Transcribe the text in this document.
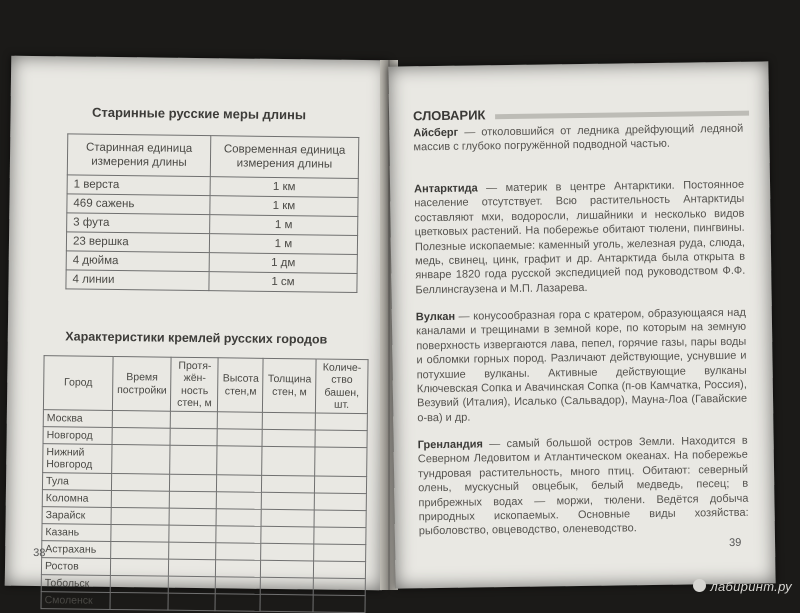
Старинные русские меры длины
Старинная единица измерения длины	Современная единица измерения длины
1 верста	1 км
469 сажень	1 км
3 фута	1 м
23 вершка	1 м
4 дюйма	1 дм
4 линии	1 см
Характеристики кремлей русских городов
Город	Время постройки	Протяжённость стен, м	Высота стен,м	Толщина стен, м	Количество башен, шт.
Москва					
Новгород					
Нижний Новгород					
Тула					
Коломна					
Зарайск					
Казань					
Астрахань					
Ростов					
Тобольск					
Смоленск					
38
СЛОВАРИК

Айсберг — отколовшийся от ледника дрейфующий ледяной массив с глубоко погружённой подводной частью.

Антарктида — материк в центре Антарктики. Постоянное население отсутствует. Всю растительность Антарктиды составляют мхи, водоросли, лишайники и несколько видов цветковых растений. На побережье обитают тюлени, пингвины. Полезные ископаемые: каменный уголь, железная руда, слюда, медь, свинец, цинк, графит и др. Антарктида была открыта в январе 1820 года русской экспедицией под руководством Ф.Ф. Беллинсгаузена и М.П. Лазарева.

Вулкан — конусообразная гора с кратером, образующаяся над каналами и трещинами в земной коре, по которым на земную поверхность извергаются лава, пепел, горячие газы, пары воды и обломки горных пород. Различают действующие, уснувшие и потухшие вулканы. Активные действующие вулканы Ключевская Сопка и Авачинская Сопка (п-ов Камчатка, Россия), Везувий (Италия), Исалько (Сальвадор), Мауна-Лоа (Гавайские о-ва) и др.

Гренландия — самый большой остров Земли. Находится в Северном Ледовитом и Атлантическом океанах. На побережье тундровая растительность, много птиц. Обитают: северный олень, мускусный овцебык, белый медведь, песец; в прибрежных водах — моржи, тюлени. Ведётся добыча природных ископаемых. Основные виды хозяйства: рыболовство, овцеводство, оленеводство.

39
лабиринт.ру
